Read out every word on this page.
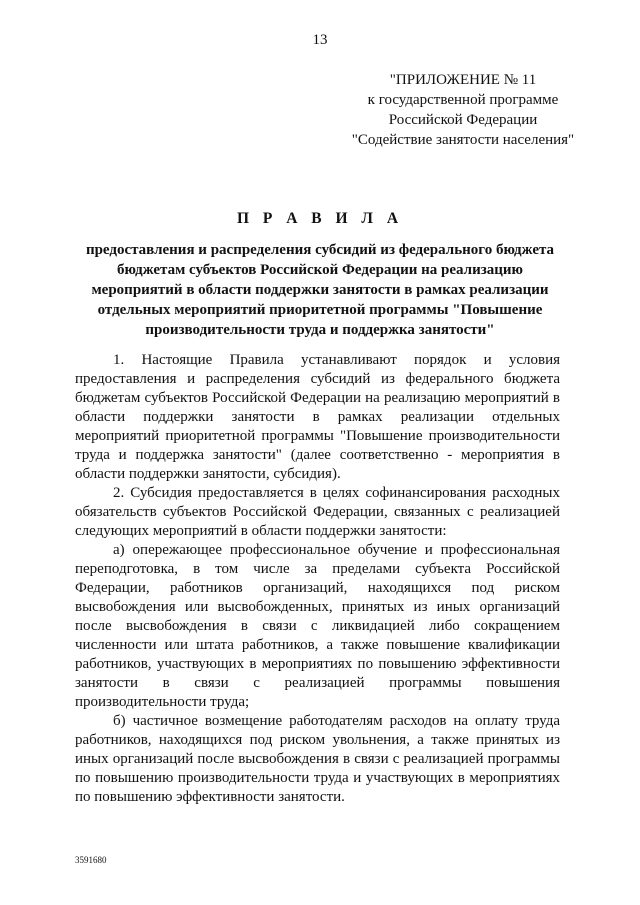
13
"ПРИЛОЖЕНИЕ № 11
к государственной программе
Российской Федерации
"Содействие занятости населения"
П Р А В И Л А
предоставления и распределения субсидий из федерального бюджета
бюджетам субъектов Российской Федерации на реализацию
мероприятий в области поддержки занятости в рамках реализации
отдельных мероприятий приоритетной программы "Повышение
производительности труда и поддержка занятости"
1. Настоящие Правила устанавливают порядок и условия
предоставления и распределения субсидий из федерального бюджета
бюджетам субъектов Российской Федерации на реализацию мероприятий в
области поддержки занятости в рамках реализации отдельных
мероприятий приоритетной программы "Повышение производительности
труда и поддержка занятости" (далее соответственно - мероприятия в
области поддержки занятости, субсидия).
2. Субсидия предоставляется в целях софинансирования расходных
обязательств субъектов Российской Федерации, связанных с реализацией
следующих мероприятий в области поддержки занятости:
а) опережающее профессиональное обучение и профессиональная
переподготовка, в том числе за пределами субъекта Российской
Федерации, работников организаций, находящихся под риском
высвобождения или высвобожденных, принятых из иных организаций
после высвобождения в связи с ликвидацией либо сокращением
численности или штата работников, а также повышение квалификации
работников, участвующих в мероприятиях по повышению эффективности
занятости в связи с реализацией программы повышения
производительности труда;
б) частичное возмещение работодателям расходов на оплату труда
работников, находящихся под риском увольнения, а также принятых из
иных организаций после высвобождения в связи с реализацией программы
по повышению производительности труда и участвующих в мероприятиях
по повышению эффективности занятости.
3591680
